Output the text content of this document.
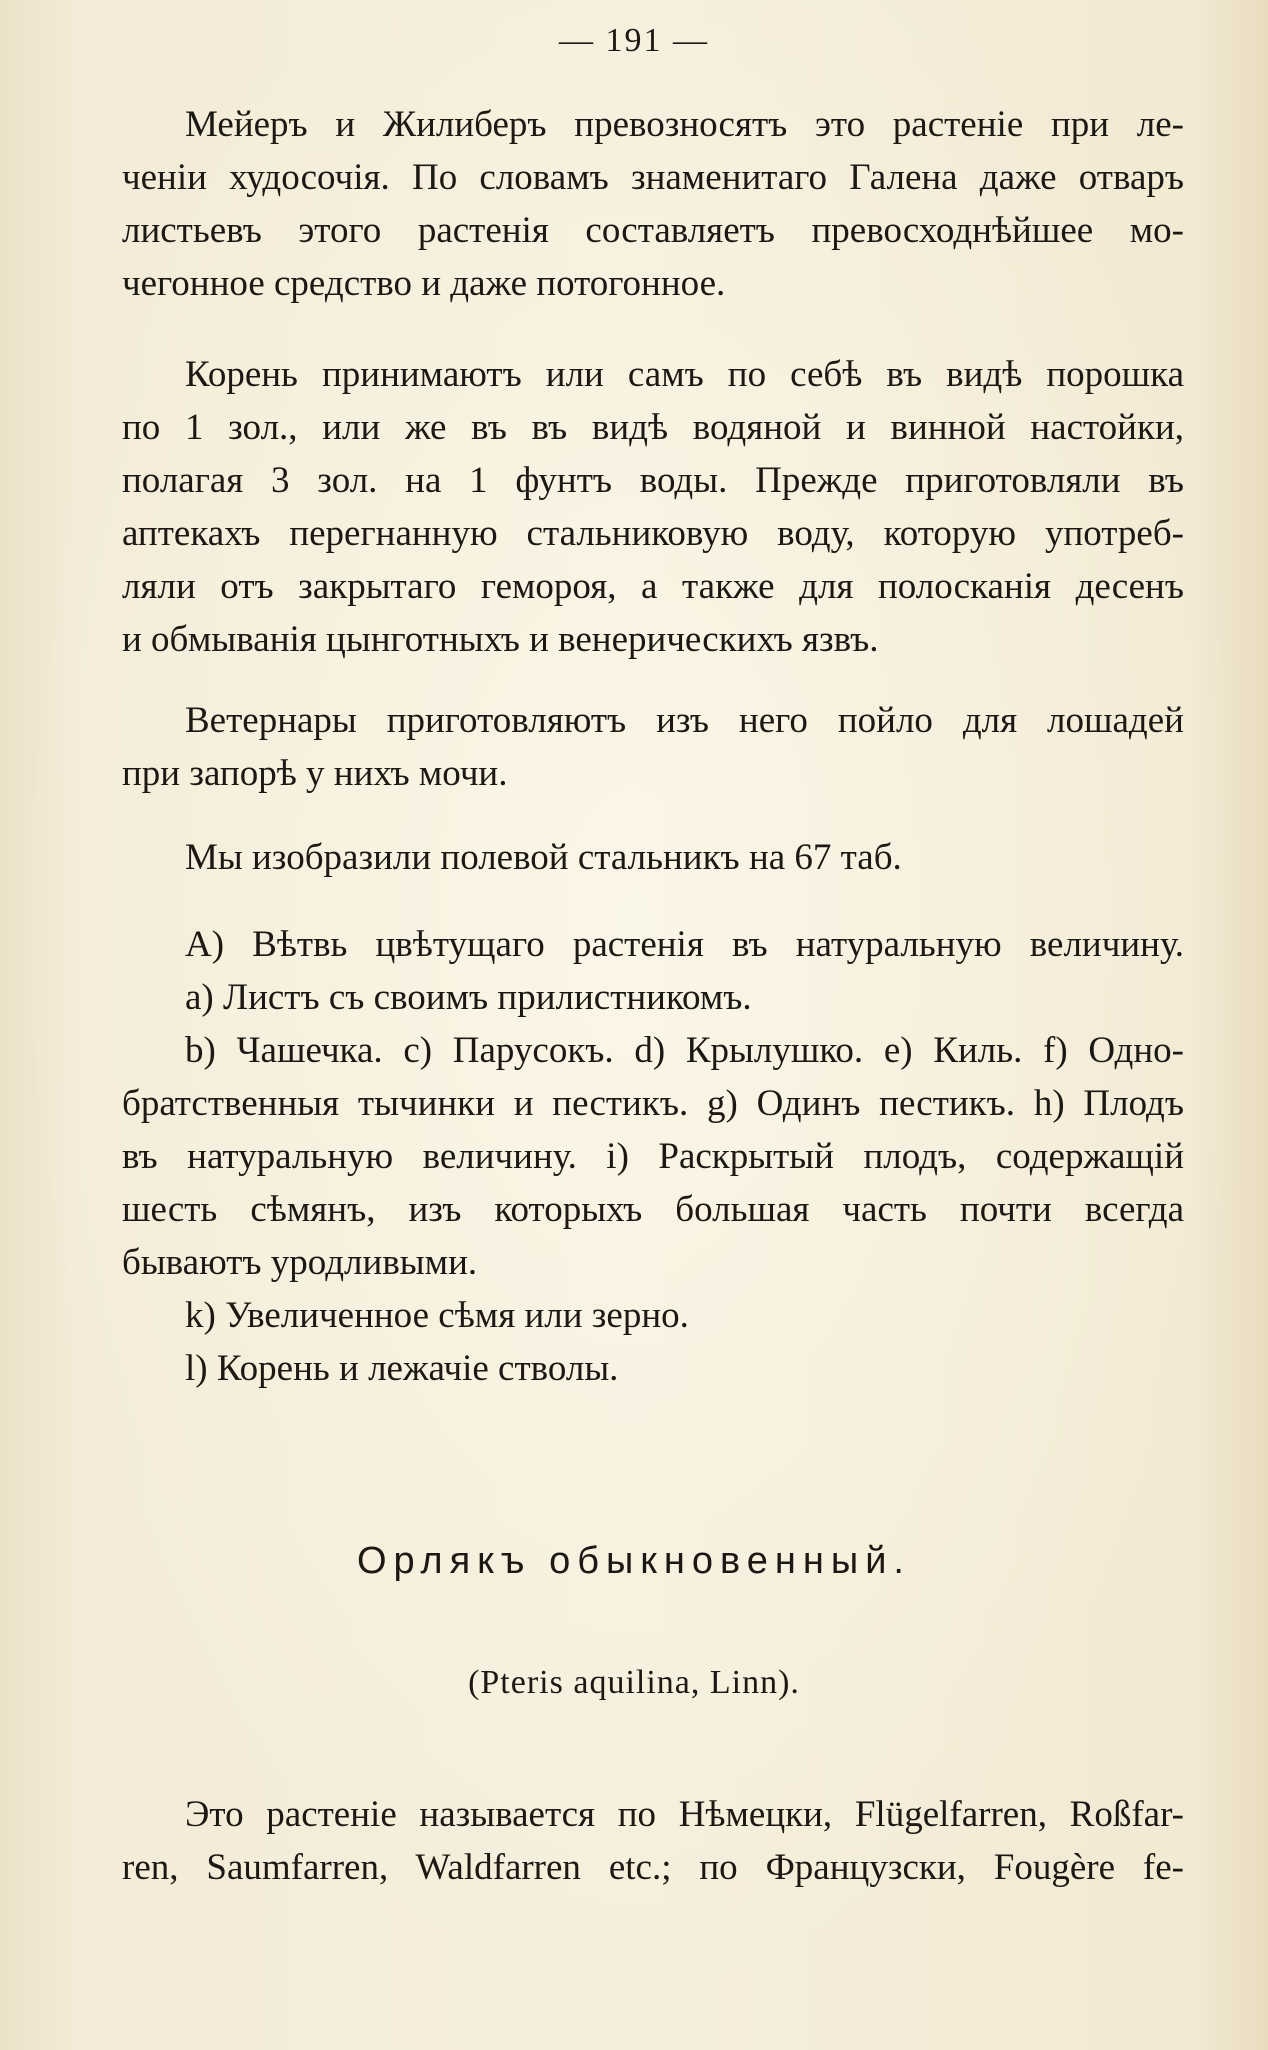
— 191 —
Мейеръ и Жилиберъ превозносятъ это растеніе при ле-
ченіи худосочія. По словамъ знаменитаго Галена даже отваръ
листьевъ этого растенія составляетъ превосходнѣйшее мо-
чегонное средство и даже потогонное.
Корень принимаютъ или самъ по себѣ въ видѣ порошка
по 1 зол., или же въ въ видѣ водяной и винной настойки,
полагая 3 зол. на 1 фунтъ воды. Прежде приготовляли въ
аптекахъ перегнанную стальниковую воду, которую употреб-
ляли отъ закрытаго гемороя, а также для полосканія десенъ
и обмыванія цынготныхъ и венерическихъ язвъ.
Ветернары приготовляютъ изъ него пойло для лошадей
при запорѣ у нихъ мочи.
Мы изобразили полевой стальникъ на 67 таб.
А) Вѣтвь цвѣтущаго растенія въ натуральную величину.
а) Листъ съ своимъ прилистникомъ.
b) Чашечка. c) Парусокъ. d) Крылушко. e) Киль. f) Одно-
братственныя тычинки и пестикъ. g) Одинъ пестикъ. h) Плодъ
въ натуральную величину. i) Раскрытый плодъ, содержащій
шесть сѣмянъ, изъ которыхъ большая часть почти всегда
бываютъ уродливыми.
k) Увеличенное сѣмя или зерно.
l) Корень и лежачіе стволы.
Орлякъ обыкновенный.
(Pteris aquilina, Linn).
Это растеніе называется по Нѣмецки, Flügelfarren, Roßfar-
ren, Saumfarren, Waldfarren etc.; по Французски, Fougère fe-
